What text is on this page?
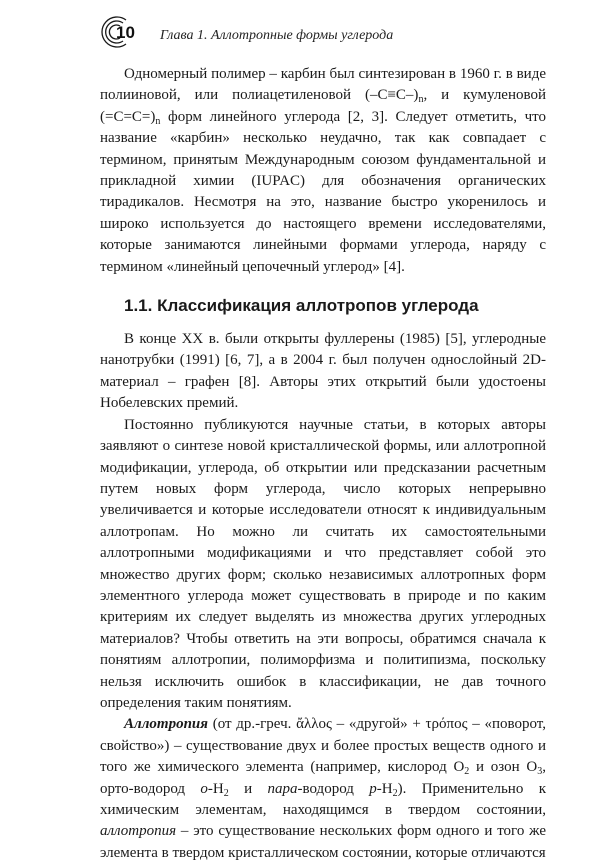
10 Глава 1. Аллотропные формы углерода

Одномерный полимер – карбин был синтезирован в 1960 г. в виде полииновой, или полиацетиленовой $(-C\equiv C-)_n$, и кумуленовой $(=C=C=)_n$ форм линейного углерода [2, 3]. Следует отметить, что название «карбин» несколько неудачно, так как совпадает с термином, принятым Международным союзом фундаментальной и прикладной химии (IUPAC) для обозначения органических тирадикалов. Несмотря на это, название быстро укоренилось и широко используется до настоящего времени исследователями, которые занимаются линейными формами углерода, наряду с термином «линейный цепочечный углерод» [4].

1.1. Классификация аллотропов углерода

В конце XX в. были открыты фуллерены (1985) [5], углеродные нанотрубки (1991) [6, 7], а в 2004 г. был получен однослойный 2D-материал – графен [8]. Авторы этих открытий были удостоены Нобелевских премий.

Постоянно публикуются научные статьи, в которых авторы заявляют о синтезе новой кристаллической формы, или аллотропной модификации, углерода, об открытии или предсказании расчетным путем новых форм углерода, число которых непрерывно увеличивается и которые исследователи относят к индивидуальным аллотропам. Но можно ли считать их самостоятельными аллотропными модификациями и что представляет собой это множество других форм; сколько независимых аллотропных форм элементного углерода может существовать в природе и по каким критериям их следует выделять из множества других углеродных материалов? Чтобы ответить на эти вопросы, обратимся сначала к понятиям аллотропии, полиморфизма и политипизма, поскольку нельзя исключить ошибок в классификации, не дав точного определения таким понятиям.

Аллотропия (от др.-греч. ἄλλος – «другой» + τρόπος – «поворот, свойство») – существование двух и более простых веществ одного и того же химического элемента (например, кислород $O_2$ и озон $O_3$, орто-водород $o-H_2$ и пара-водород $p-H_2$). Применительно к химическим элементам, находящимся в твердом состоянии, аллотропия – это существование нескольких форм одного и того же элемента в твердом кристаллическом состоянии, которые отличаются
